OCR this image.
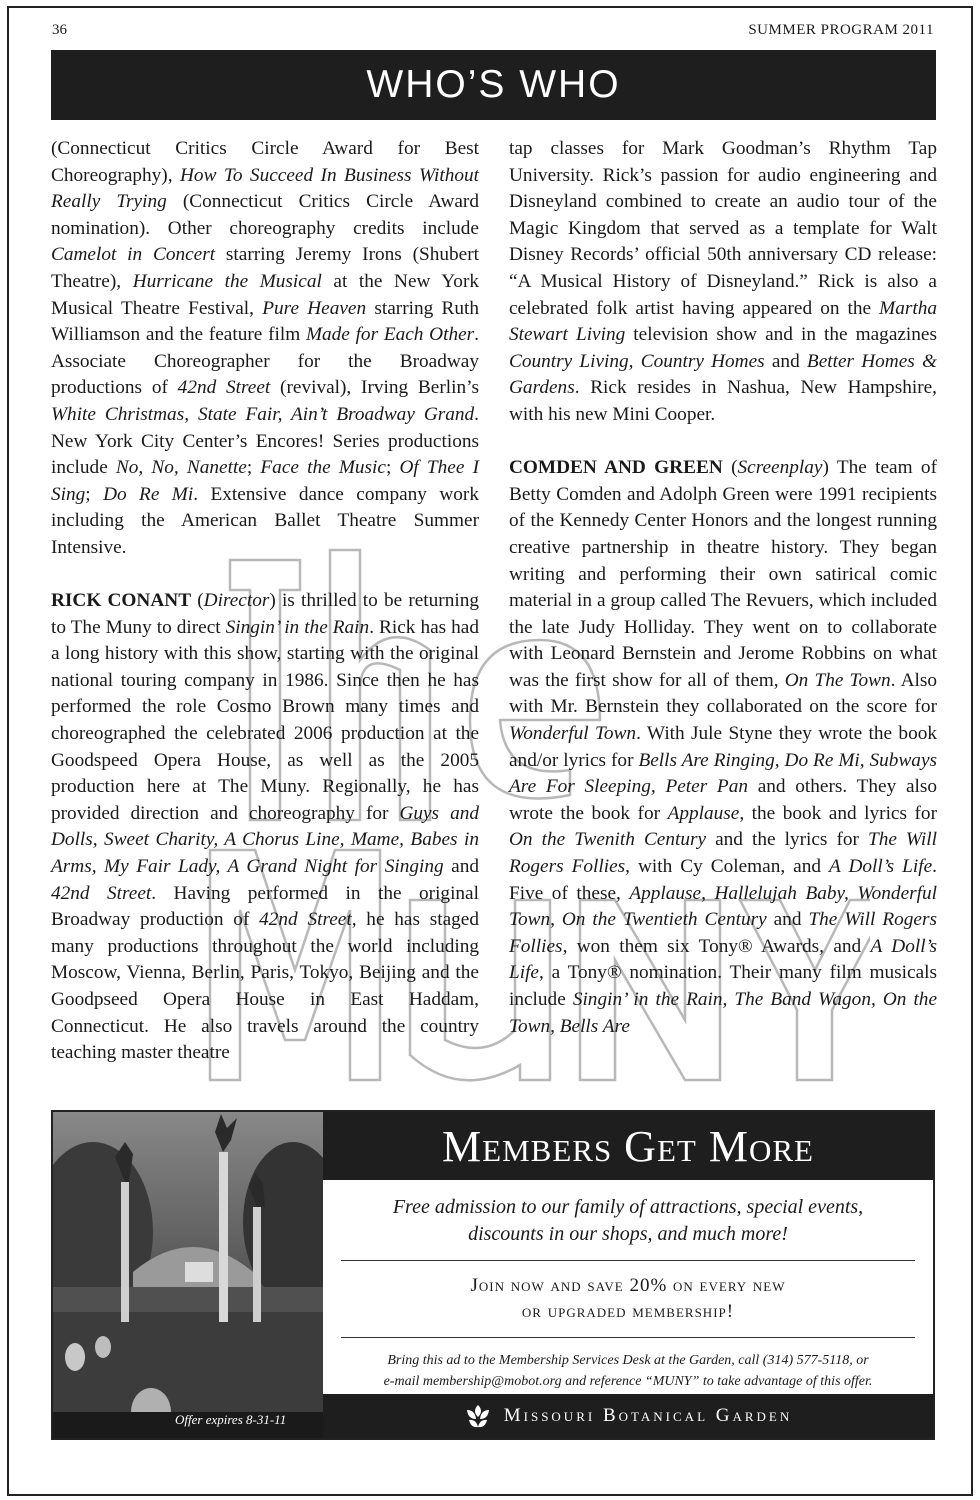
36	SUMMER PROGRAM 2011
WHO’S WHO

(Connecticut Critics Circle Award for Best Choreography), How To Succeed In Business Without Really Trying (Connecticut Critics Circle Award nomination). Other choreography credits include Camelot in Concert starring Jeremy Irons (Shubert Theatre), Hurricane the Musical at the New York Musical Theatre Festival, Pure Heaven starring Ruth Williamson and the feature film Made for Each Other. Associate Choreographer for the Broadway productions of 42nd Street (revival), Irving Berlin’s White Christmas, State Fair, Ain’t Broadway Grand. New York City Center’s Encores! Series productions include No, No, Nanette; Face the Music; Of Thee I Sing; Do Re Mi. Extensive dance company work including the American Ballet Theatre Summer Intensive.

RICK CONANT (Director) is thrilled to be returning to The Muny to direct Singin’ in the Rain. Rick has had a long history with this show, starting with the original national touring company in 1986. Since then he has performed the role Cosmo Brown many times and choreographed the celebrated 2006 production at the Goodspeed Opera House, as well as the 2005 production here at The Muny. Regionally, he has provided direction and choreography for Guys and Dolls, Sweet Charity, A Chorus Line, Mame, Babes in Arms, My Fair Lady, A Grand Night for Singing and 42nd Street. Having performed in the original Broadway production of 42nd Street, he has staged many productions throughout the world including Moscow, Vienna, Berlin, Paris, Tokyo, Beijing and the Goodpseed Opera House in East Haddam, Connecticut. He also travels around the country teaching master theatre

tap classes for Mark Goodman’s Rhythm Tap University. Rick’s passion for audio engineering and Disneyland combined to create an audio tour of the Magic Kingdom that served as a template for Walt Disney Records’ official 50th anniversary CD release: “A Musical History of Disneyland.” Rick is also a celebrated folk artist having appeared on the Martha Stewart Living television show and in the magazines Country Living, Country Homes and Better Homes & Gardens. Rick resides in Nashua, New Hampshire, with his new Mini Cooper.

COMDEN AND GREEN (Screenplay) The team of Betty Comden and Adolph Green were 1991 recipients of the Kennedy Center Honors and the longest running creative partnership in theatre history. They began writing and performing their own satirical comic material in a group called The Revuers, which included the late Judy Holliday. They went on to collaborate with Leonard Bernstein and Jerome Robbins on what was the first show for all of them, On The Town. Also with Mr. Bernstein they collaborated on the score for Wonderful Town. With Jule Styne they wrote the book and/or lyrics for Bells Are Ringing, Do Re Mi, Subways Are For Sleeping, Peter Pan and others. They also wrote the book for Applause, the book and lyrics for On the Twenith Century and the lyrics for The Will Rogers Follies, with Cy Coleman, and A Doll’s Life. Five of these, Applause, Hallelujah Baby, Wonderful Town, On the Twentieth Century and The Will Rogers Follies, won them six Tony® Awards, and A Doll’s Life, a Tony® nomination. Their many film musicals include Singin’ in the Rain, The Band Wagon, On the Town, Bells Are

Offer expires 8-31-11
Members Get More
Free admission to our family of attractions, special events,
discounts in our shops, and much more!
Join now and save 20% on every new
or upgraded membership!
Bring this ad to the Membership Services Desk at the Garden, call (314) 577-5118, or
e-mail membership@mobot.org and reference “MUNY” to take advantage of this offer.
Missouri Botanical Garden
